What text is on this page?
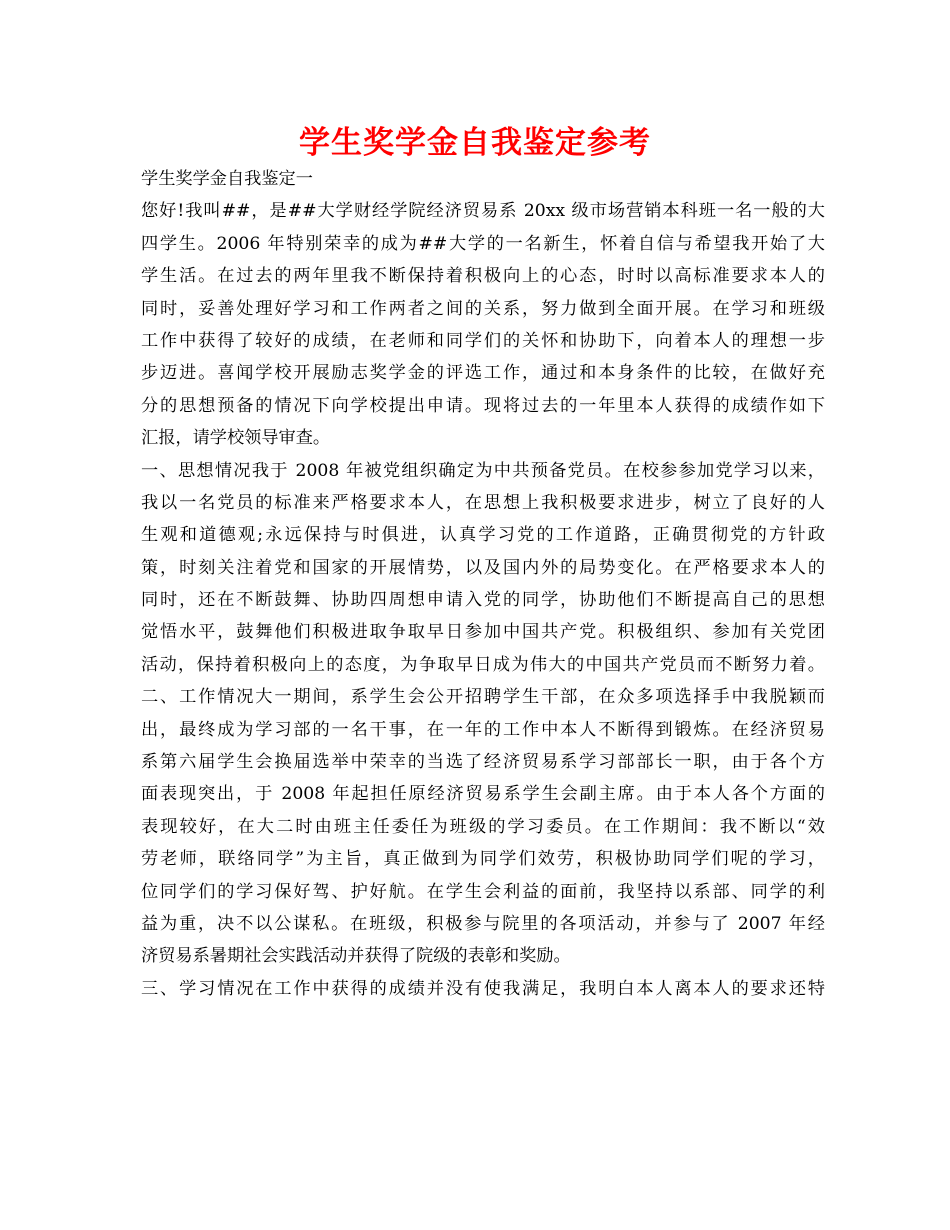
学生奖学金自我鉴定参考
学生奖学金自我鉴定一
您好!我叫##，是##大学财经学院经济贸易系 20xx 级市场营销本科班一名一般的大
四学生。2006 年特别荣幸的成为##大学的一名新生，怀着自信与希望我开始了大
学生活。在过去的两年里我不断保持着积极向上的心态，时时以高标准要求本人的
同时，妥善处理好学习和工作两者之间的关系，努力做到全面开展。在学习和班级
工作中获得了较好的成绩，在老师和同学们的关怀和协助下，向着本人的理想一步
步迈进。喜闻学校开展励志奖学金的评选工作，通过和本身条件的比较，在做好充
分的思想预备的情况下向学校提出申请。现将过去的一年里本人获得的成绩作如下
汇报，请学校领导审查。
一、思想情况我于 2008 年被党组织确定为中共预备党员。在校参参加党学习以来，
我以一名党员的标准来严格要求本人，在思想上我积极要求进步，树立了良好的人
生观和道德观;永远保持与时俱进，认真学习党的工作道路，正确贯彻党的方针政
策，时刻关注着党和国家的开展情势，以及国内外的局势变化。在严格要求本人的
同时，还在不断鼓舞、协助四周想申请入党的同学，协助他们不断提高自己的思想
觉悟水平，鼓舞他们积极进取争取早日参加中国共产党。积极组织、参加有关党团
活动，保持着积极向上的态度，为争取早日成为伟大的中国共产党员而不断努力着。
二、工作情况大一期间，系学生会公开招聘学生干部，在众多项选择手中我脱颖而
出，最终成为学习部的一名干事，在一年的工作中本人不断得到锻炼。在经济贸易
系第六届学生会换届选举中荣幸的当选了经济贸易系学习部部长一职，由于各个方
面表现突出，于 2008 年起担任原经济贸易系学生会副主席。由于本人各个方面的
表现较好，在大二时由班主任委任为班级的学习委员。在工作期间：我不断以“效
劳老师，联络同学”为主旨，真正做到为同学们效劳，积极协助同学们呢的学习，
位同学们的学习保好驾、护好航。在学生会利益的面前，我坚持以系部、同学的利
益为重，决不以公谋私。在班级，积极参与院里的各项活动，并参与了 2007 年经
济贸易系暑期社会实践活动并获得了院级的表彰和奖励。
三、学习情况在工作中获得的成绩并没有使我满足，我明白本人离本人的要求还特
